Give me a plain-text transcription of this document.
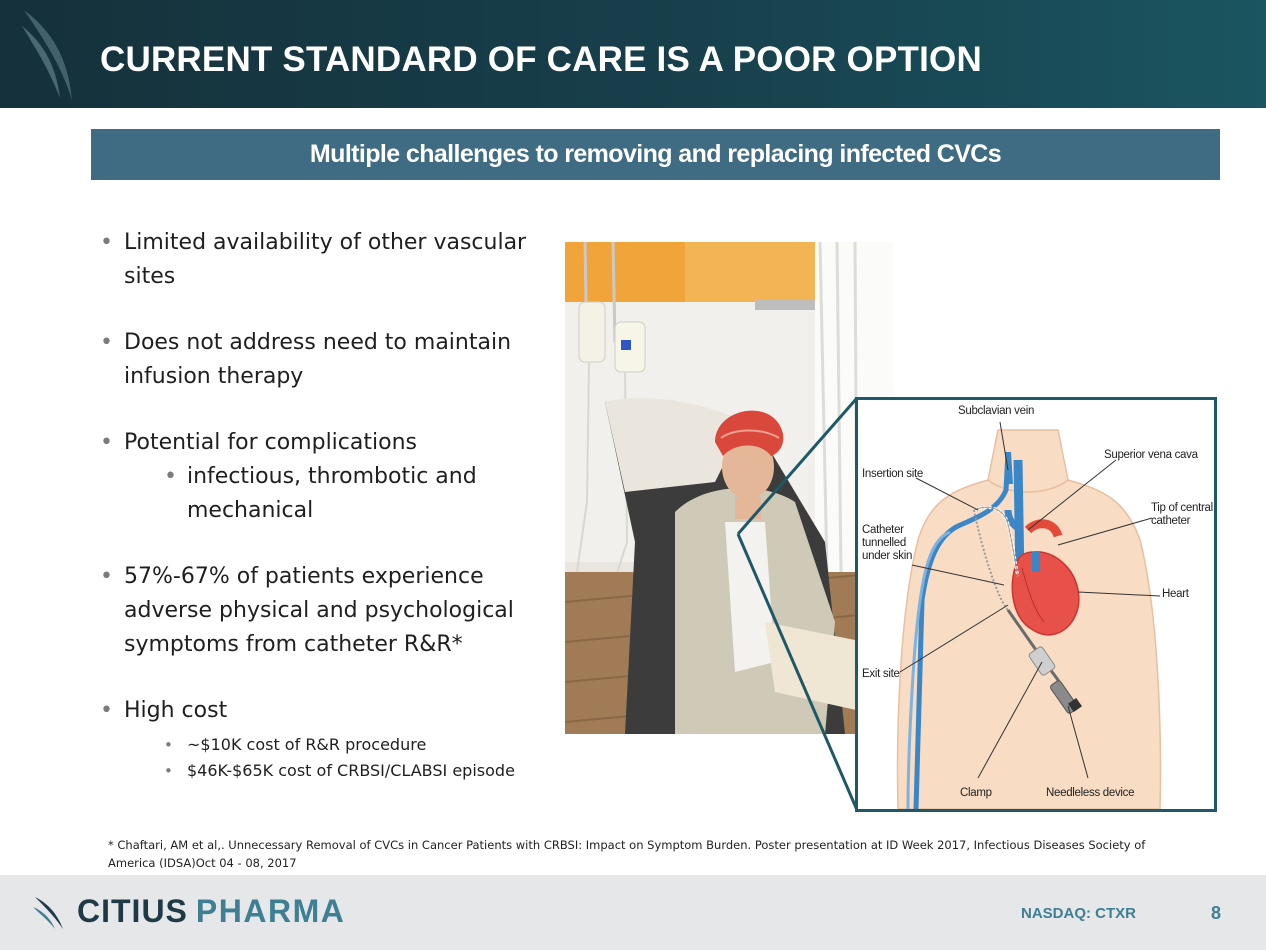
CURRENT STANDARD OF CARE IS A POOR OPTION
Multiple challenges to removing and replacing infected CVCs
• Limited availability of other vascular sites
• Does not address need to maintain infusion therapy
• Potential for complications
• infectious, thrombotic and mechanical
• 57%-67% of patients experience adverse physical and psychological symptoms from catheter R&R*
• High cost
• ~$10K cost of R&R procedure
• $46K-$65K cost of CRBSI/CLABSI episode
Subclavian vein
Superior vena cava
Insertion site
Tip of central catheter
Catheter tunnelled under skin
Heart
Exit site
Clamp	Needleless device
* Chaftari, AM et al,. Unnecessary Removal of CVCs in Cancer Patients with CRBSI: Impact on Symptom Burden. Poster presentation at ID Week 2017, Infectious Diseases Society of America (IDSA)Oct 04 - 08, 2017
CITIUS PHARMA	NASDAQ: CTXR	8
